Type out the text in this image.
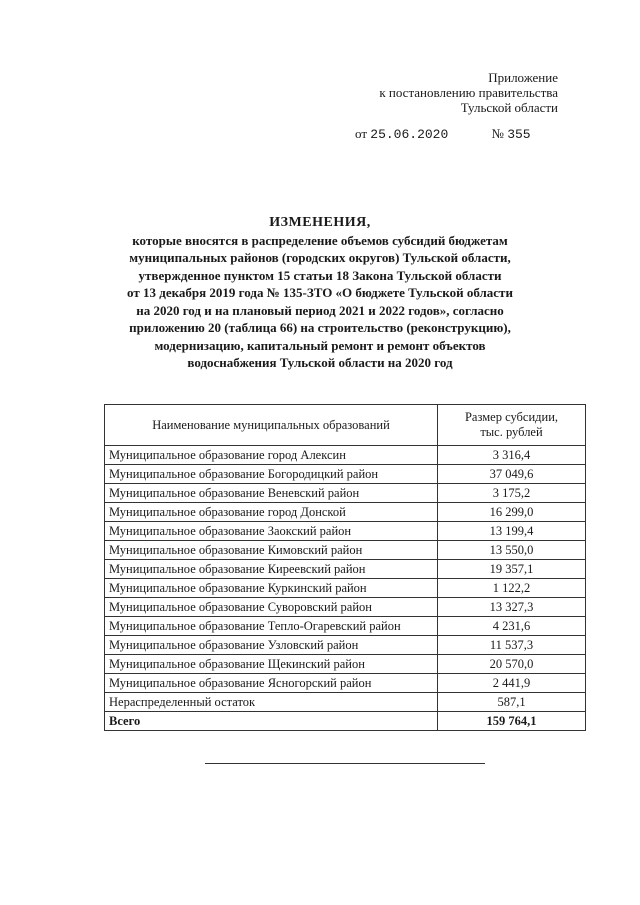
Приложение
к постановлению правительства
Тульской области
от 25.06.2020	№ 355
ИЗМЕНЕНИЯ,
которые вносятся в распределение объемов субсидий бюджетам
муниципальных районов (городских округов) Тульской области,
утвержденное пунктом 15 статьи 18 Закона Тульской области
от 13 декабря 2019 года № 135-ЗТО «О бюджете Тульской области
на 2020 год и на плановый период 2021 и 2022 годов», согласно
приложению 20 (таблица 66) на строительство (реконструкцию),
модернизацию, капитальный ремонт и ремонт объектов
водоснабжения Тульской области на 2020 год
Наименование муниципальных образований	Размер субсидии,
тыс. рублей

Муниципальное образование город Алексин	3 316,4
Муниципальное образование Богородицкий район	37 049,6
Муниципальное образование Веневский район	3 175,2
Муниципальное образование город Донской	16 299,0
Муниципальное образование Заокский район	13 199,4
Муниципальное образование Кимовский район	13 550,0
Муниципальное образование Киреевский район	19 357,1
Муниципальное образование Куркинский район	1 122,2
Муниципальное образование Суворовский район	13 327,3
Муниципальное образование Тепло-Огаревский район	4 231,6
Муниципальное образование Узловский район	11 537,3
Муниципальное образование Щекинский район	20 570,0
Муниципальное образование Ясногорский район	2 441,9
Нераспределенный остаток	587,1
Всего	159 764,1
